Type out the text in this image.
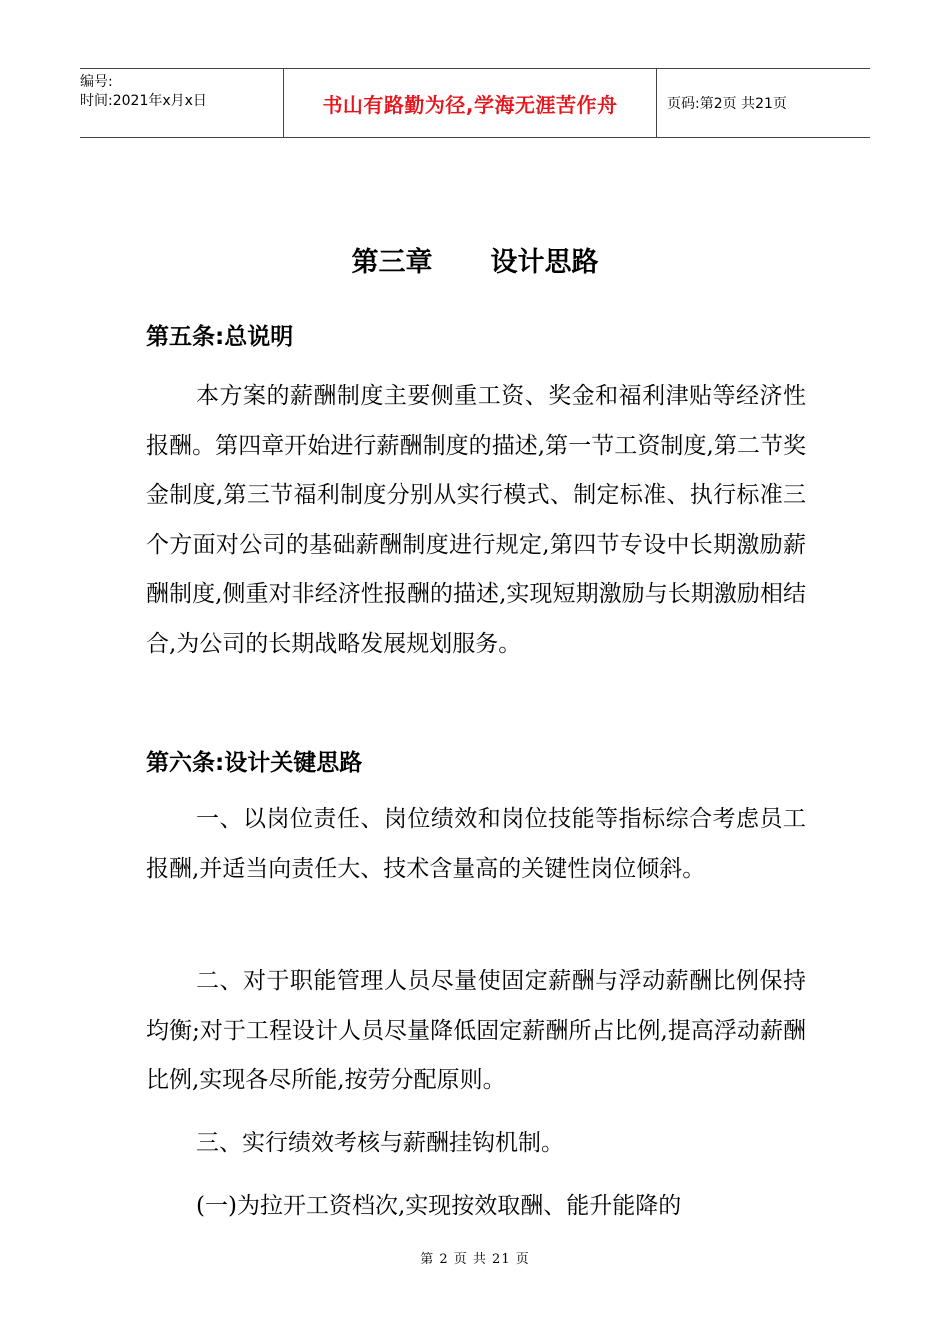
编号:
时间:2021年x月x日	书山有路勤为径,学海无涯苦作舟	页码:第2页 共21页
第三章 设计思路
第五条:总说明
本方案的薪酬制度主要侧重工资、奖金和福利津贴等经济性报酬。第四章开始进行薪酬制度的描述,第一节工资制度,第二节奖金制度,第三节福利制度分别从实行模式、制定标准、执行标准三个方面对公司的基础薪酬制度进行规定,第四节专设中长期激励薪酬制度,侧重对非经济性报酬的描述,实现短期激励与长期激励相结合,为公司的长期战略发展规划服务。
第六条:设计关键思路
一、以岗位责任、岗位绩效和岗位技能等指标综合考虑员工报酬,并适当向责任大、技术含量高的关键性岗位倾斜。
二、对于职能管理人员尽量使固定薪酬与浮动薪酬比例保持均衡;对于工程设计人员尽量降低固定薪酬所占比例,提高浮动薪酬比例,实现各尽所能,按劳分配原则。
三、实行绩效考核与薪酬挂钩机制。
(一)为拉开工资档次,实现按效取酬、能升能降的
第 2 页 共 21 页
